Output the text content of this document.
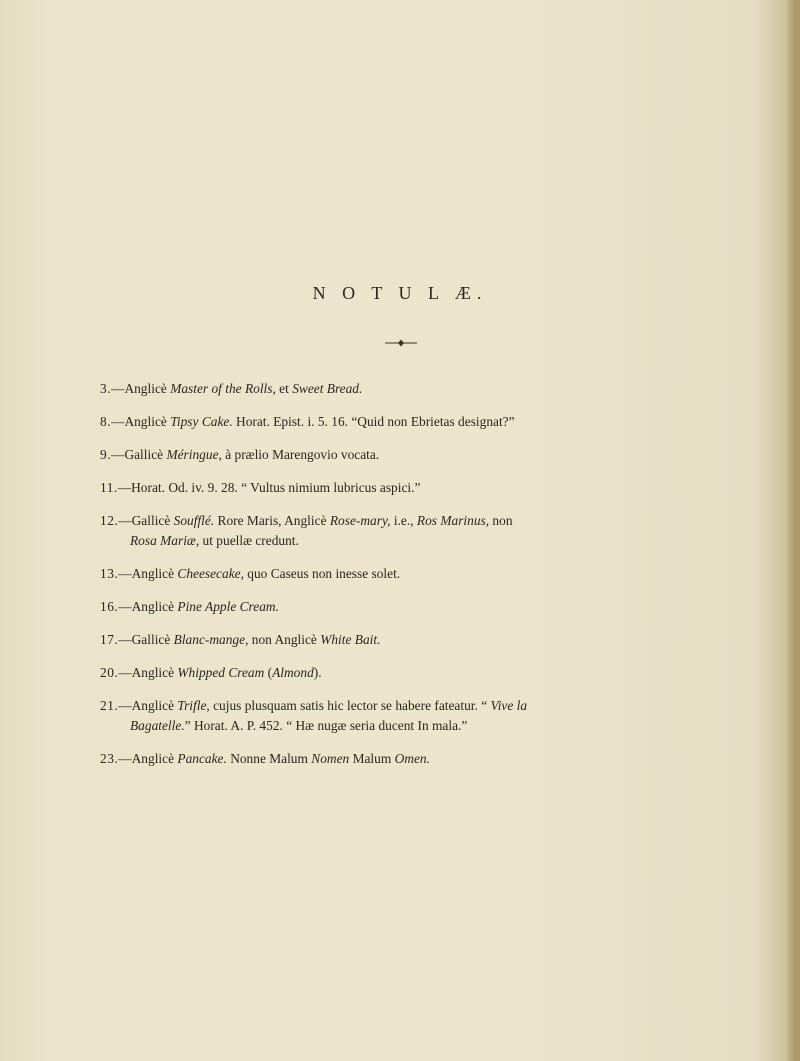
N O T U L Æ.
3.—Anglicè Master of the Rolls, et Sweet Bread.
8.—Anglicè Tipsy Cake. Horat. Epist. i. 5. 16. “Quid non Ebrietas designat?”
9.—Gallicè Méringue, à prælio Marengovio vocata.
11.—Horat. Od. iv. 9. 28. “ Vultus nimium lubricus aspici.”
12.—Gallicè Soufflé. Rore Maris, Anglicè Rose-mary, i.e., Ros Marinus, non
Rosa Mariæ, ut puellæ credunt.
13.—Anglicè Cheesecake, quo Caseus non inesse solet.
16.—Anglicè Pine Apple Cream.
17.—Gallicè Blanc-mange, non Anglicè White Bait.
20.—Anglicè Whipped Cream (Almond).
21.—Anglicè Trifle, cujus plusquam satis hic lector se habere fateatur. “ Vive la
Bagatelle.” Horat. A. P. 452. “ Hæ nugæ seria ducent In mala.”
23.—Anglicè Pancake. Nonne Malum Nomen Malum Omen.
